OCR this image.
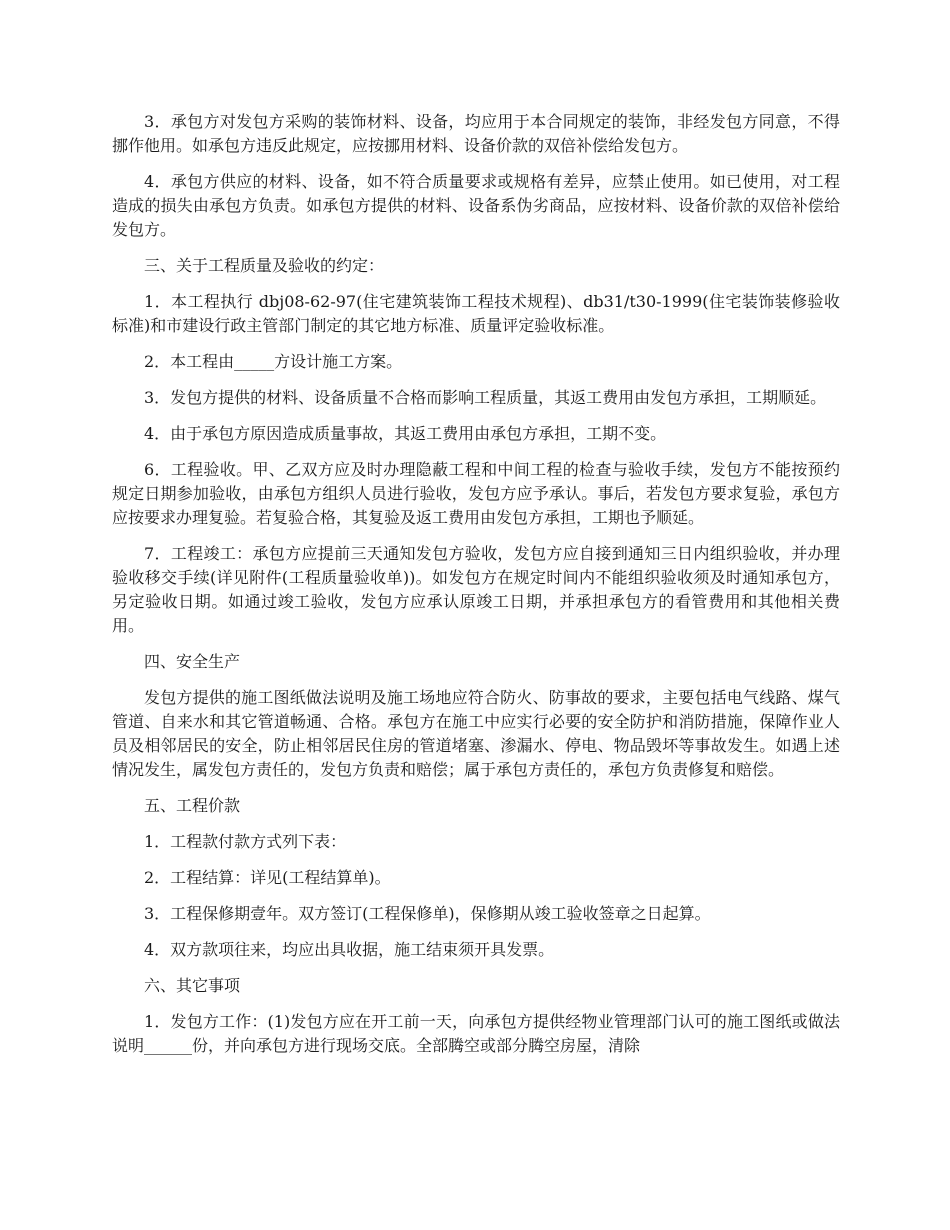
3．承包方对发包方采购的装饰材料、设备，均应用于本合同规定的装饰，非经发包方同意，不得挪作他用。如承包方违反此规定，应按挪用材料、设备价款的双倍补偿给发包方。

4．承包方供应的材料、设备，如不符合质量要求或规格有差异，应禁止使用。如已使用，对工程造成的损失由承包方负责。如承包方提供的材料、设备系伪劣商品，应按材料、设备价款的双倍补偿给发包方。

三、关于工程质量及验收的约定：

1．本工程执行 dbj08-62-97(住宅建筑装饰工程技术规程)、db31/t30-1999(住宅装饰装修验收标准)和市建设行政主管部门制定的其它地方标准、质量评定验收标准。

2．本工程由_____方设计施工方案。

3．发包方提供的材料、设备质量不合格而影响工程质量，其返工费用由发包方承担，工期顺延。

4．由于承包方原因造成质量事故，其返工费用由承包方承担，工期不变。

6．工程验收。甲、乙双方应及时办理隐蔽工程和中间工程的检查与验收手续，发包方不能按预约规定日期参加验收，由承包方组织人员进行验收，发包方应予承认。事后，若发包方要求复验，承包方应按要求办理复验。若复验合格，其复验及返工费用由发包方承担，工期也予顺延。

7．工程竣工：承包方应提前三天通知发包方验收，发包方应自接到通知三日内组织验收，并办理验收移交手续(详见附件(工程质量验收单))。如发包方在规定时间内不能组织验收须及时通知承包方，另定验收日期。如通过竣工验收，发包方应承认原竣工日期，并承担承包方的看管费用和其他相关费用。

四、安全生产

发包方提供的施工图纸做法说明及施工场地应符合防火、防事故的要求，主要包括电气线路、煤气管道、自来水和其它管道畅通、合格。承包方在施工中应实行必要的安全防护和消防措施，保障作业人员及相邻居民的安全，防止相邻居民住房的管道堵塞、渗漏水、停电、物品毁坏等事故发生。如遇上述情况发生，属发包方责任的，发包方负责和赔偿；属于承包方责任的，承包方负责修复和赔偿。

五、工程价款

1．工程款付款方式列下表：

2．工程结算：详见(工程结算单)。

3．工程保修期壹年。双方签订(工程保修单)，保修期从竣工验收签章之日起算。

4．双方款项往来，均应出具收据，施工结束须开具发票。

六、其它事项

1．发包方工作：(1)发包方应在开工前一天，向承包方提供经物业管理部门认可的施工图纸或做法说明______份，并向承包方进行现场交底。全部腾空或部分腾空房屋，清除
